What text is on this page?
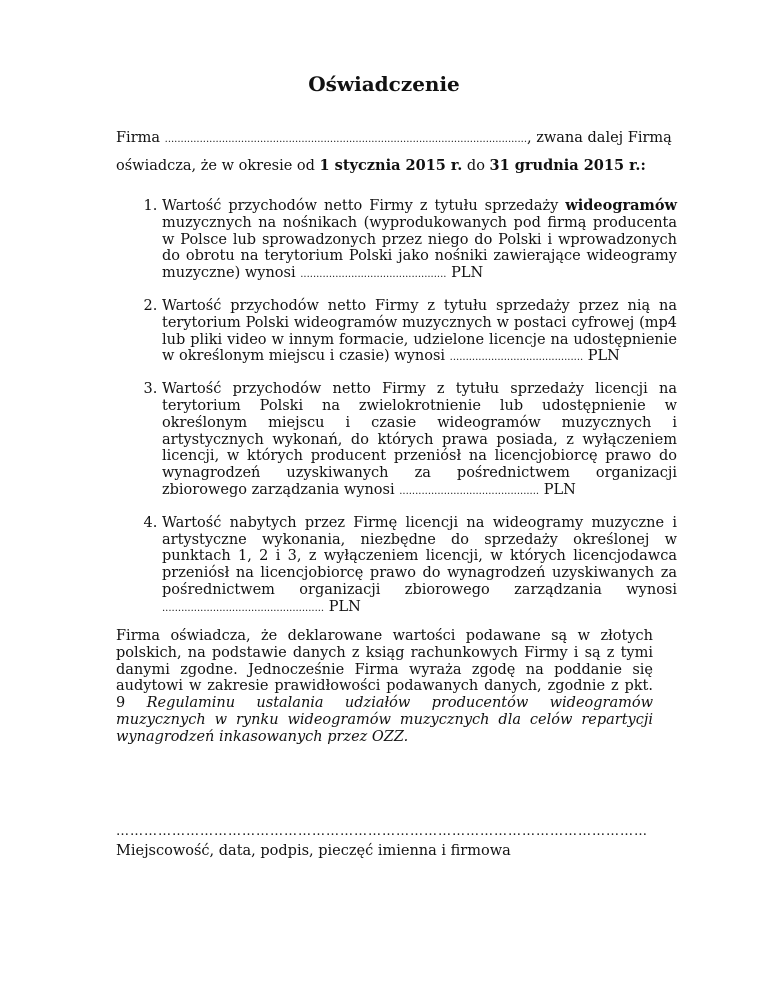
Oświadczenie
Firma .................................................................................................................., zwana dalej Firmą
oświadcza, że w okresie od 1 stycznia 2015 r. do 31 grudnia 2015 r.:
1. Wartość przychodów netto Firmy z tytułu sprzedaży wideogramów muzycznych na nośnikach (wyprodukowanych pod firmą producenta w Polsce lub sprowadzonych przez niego do Polski i wprowadzonych do obrotu na terytorium Polski jako nośniki zawierające wideogramy muzyczne) wynosi .............................................. PLN
2. Wartość przychodów netto Firmy z tytułu sprzedaży przez nią na terytorium Polski wideogramów muzycznych w postaci cyfrowej (mp4 lub pliki video w innym formacie, udzielone licencje na udostępnienie w określonym miejscu i czasie) wynosi .......................................... PLN
3. Wartość przychodów netto Firmy z tytułu sprzedaży licencji na terytorium Polski na zwielokrotnienie lub udostępnienie w określonym miejscu i czasie wideogramów muzycznych i artystycznych wykonań, do których prawa posiada, z wyłączeniem licencji, w których producent przeniósł na licencjobiorcę prawo do wynagrodzeń uzyskiwanych za pośrednictwem organizacji zbiorowego zarządzania wynosi ............................................ PLN
4. Wartość nabytych przez Firmę licencji na wideogramy muzyczne i artystyczne wykonania, niezbędne do sprzedaży określonej w punktach 1, 2 i 3, z wyłączeniem licencji, w których licencjodawca przeniósł na licencjobiorcę prawo do wynagrodzeń uzyskiwanych za pośrednictwem organizacji zbiorowego zarządzania wynosi ................................................... PLN
Firma oświadcza, że deklarowane wartości podawane są w złotych polskich, na podstawie danych z ksiąg rachunkowych Firmy i są z tymi danymi zgodne. Jednocześnie Firma wyraża zgodę na poddanie się audytowi w zakresie prawidłowości podawanych danych, zgodnie z pkt. 9 Regulaminu ustalania udziałów producentów wideogramów muzycznych w rynku wideogramów muzycznych dla celów repartycji wynagrodzeń inkasowanych przez OZZ.
……………………………………………………………………………………………………
Miejscowość, data, podpis, pieczęć imienna i firmowa
